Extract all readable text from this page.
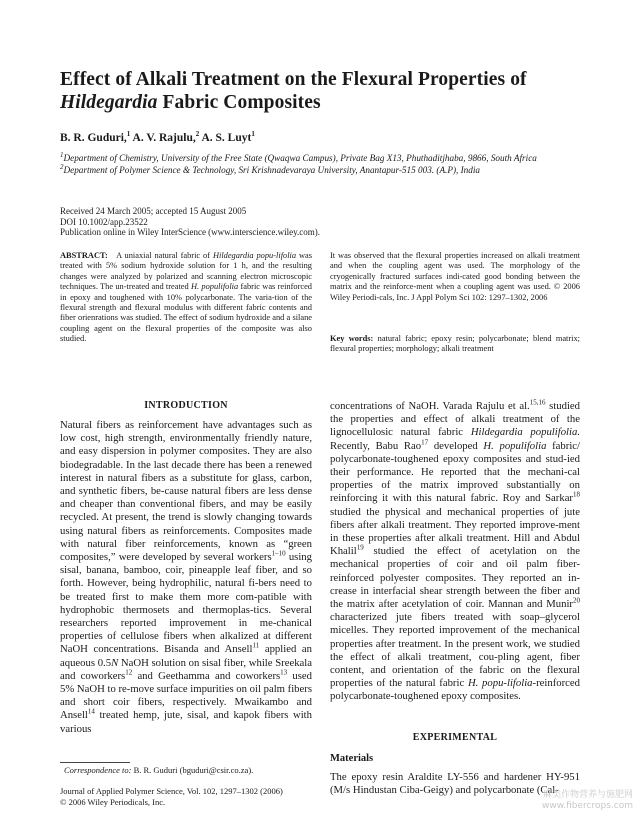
Effect of Alkali Treatment on the Flexural Properties of
Hildegardia Fabric Composites
B. R. Guduri,$^1$ A. V. Rajulu,$^2$ A. S. Luyt$^1$
$^1$Department of Chemistry, University of the Free State (Qwaqwa Campus), Private Bag X13, Phuthaditjhaba, 9866, South Africa
$^2$Department of Polymer Science & Technology, Sri Krishnadevaraya University, Anantapur-515 003. (A.P), India
Received 24 March 2005; accepted 15 August 2005
DOI 10.1002/app.23522
Publication online in Wiley InterScience (www.interscience.wiley.com).
ABSTRACT: A uniaxial natural fabric of Hildegardia popu-lifolia was treated with 5% sodium hydroxide solution for 1 h, and the resulting changes were analyzed by polarized and scanning electron microscopic techniques. The un-treated and treated H. populifolia fabric was reinforced in epoxy and toughened with 10% polycarbonate. The varia-tion of the flexural strength and flexural modulus with different fabric contents and fiber orienrations was studied. The effect of sodium hydroxide and a silane coupling agent on the flexural properties of the composite was also studied.
It was observed that the flexural properties increased on alkali treatment and when the coupling agent was used. The morphology of the cryogenically fractured surfaces indi-cated good bonding between the matrix and the reinforce-ment when a coupling agent was used. © 2006 Wiley Periodi-cals, Inc. J Appl Polym Sci 102: 1297–1302, 2006
Key words: natural fabric; epoxy resin; polycarbonate; blend matrix; flexural properties; morphology; alkali treatment
INTRODUCTION
Natural fibers as reinforcement have advantages such as low cost, high strength, environmentally friendly nature, and easy dispersion in polymer composites. They are also biodegradable. In the last decade there has been a renewed interest in natural fibers as a substitute for glass, carbon, and synthetic fibers, be-cause natural fibers are less dense and cheaper than conventional fibers, and may be easily recycled. At present, the trend is slowly changing towards using natural fibers as reinforcements. Composites made with natural fiber reinforcements, known as “green composites,” were developed by several workers$^{1-10}$ using sisal, banana, bamboo, coir, pineapple leaf fiber, and so forth. However, being hydrophilic, natural fi-bers need to be treated first to make them more com-patible with hydrophobic thermosets and thermoplas-tics. Several researchers reported improvement in me-chanical properties of cellulose fibers when alkalized at different NaOH concentrations. Bisanda and Ansell$^{11}$ applied an aqueous 0.5N NaOH solution on sisal fiber, while Sreekala and coworkers$^{12}$ and Geethamma and coworkers$^{13}$ used 5% NaOH to re-move surface impurities on oil palm fibers and short coir fibers, respectively. Mwaikambo and Ansell$^{14}$ treated hemp, jute, sisal, and kapok fibers with various
concentrations of NaOH. Varada Rajulu et al.$^{15,16}$ studied the properties and effect of alkali treatment of the lignocellulosic natural fabric Hildegardia populifolia. Recently, Babu Rao$^{17}$ developed H. populifolia fabric/ polycarbonate-toughened epoxy composites and stud-ied their performance. He reported that the mechani-cal properties of the matrix improved substantially on reinforcing it with this natural fabric. Roy and Sarkar$^{18}$ studied the physical and mechanical properties of jute fibers after alkali treatment. They reported improve-ment in these properties after alkali treatment. Hill and Abdul Khalil$^{19}$ studied the effect of acetylation on the mechanical properties of coir and oil palm fiber-reinforced polyester composites. They reported an in-crease in interfacial shear strength between the fiber and the matrix after acetylation of coir. Mannan and Munir$^{20}$ characterized jute fibers treated with soap–glycerol micelles. They reported improvement of the mechanical properties after treatment. In the present work, we studied the effect of alkali treatment, cou-pling agent, fiber content, and orientation of the fabric on the flexural properties of the natural fabric H. popu-lifolia-reinforced polycarbonate-toughened epoxy composites.
EXPERIMENTAL
Materials
The epoxy resin Araldite LY-556 and hardener HY-951 (M/s Hindustan Ciba-Geigy) and polycarbonate (Cal-
Correspondence to: B. R. Guduri (bguduri@csir.co.za).
Journal of Applied Polymer Science, Vol. 102, 1297–1302 (2006)
© 2006 Wiley Periodicals, Inc.
麻类作物营养与施肥网
www.fibercrops.com
